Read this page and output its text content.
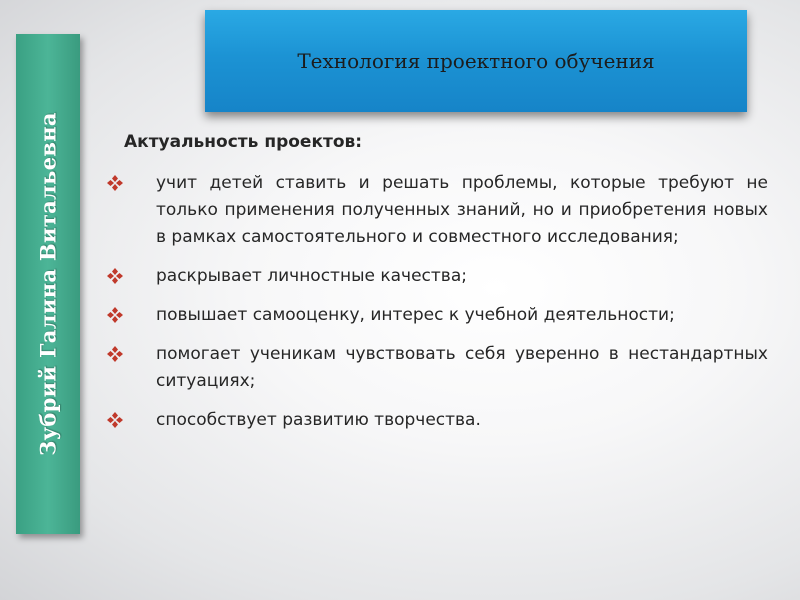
Зубрий Галина Витальевна
Технология проектного обучения
Актуальность проектов:
учит детей ставить и решать проблемы, которые требуют не только применения полученных знаний, но и приобретения новых в рамках самостоятельного и совместного исследования;
раскрывает личностные качества;
повышает самооценку, интерес к учебной деятельности;
помогает ученикам чувствовать себя уверенно в нестандартных ситуациях;
способствует развитию творчества.
